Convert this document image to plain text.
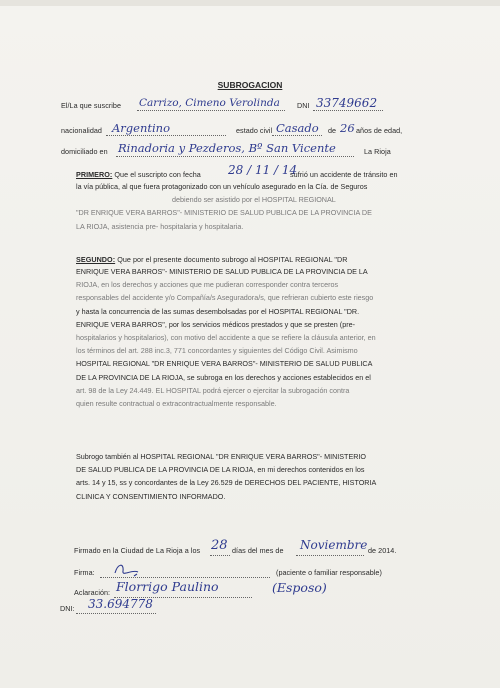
SUBROGACION
El/La que suscribe Carrizo, Cimeno Verolinda DNI 33749662
nacionalidad Argentino	estado civil Casado de 26 años de edad,
domiciliado en Rinadoria y Pezderos, Bº San Vicente	La Rioja
PRIMERO: Que el suscripto con fecha 28 / 11 / 14
sufrió un accidente de tránsito en
la vía pública, al que fuera protagonizado con un vehículo asegurado en la Cía. de Seguros
debiendo ser asistido por el HOSPITAL REGIONAL
"DR ENRIQUE VERA BARROS"- MINISTERIO DE SALUD PUBLICA DE LA PROVINCIA DE
LA RIOJA, asistencia pre- hospitalaria y hospitalaria.
SEGUNDO: Que por el presente documento subrogo al HOSPITAL REGIONAL "DR
ENRIQUE VERA BARROS"- MINISTERIO DE SALUD PUBLICA DE LA PROVINCIA DE LA
RIOJA, en los derechos y acciones que me pudieran corresponder contra terceros
responsables del accidente y/o Compañía/s Aseguradora/s, que refrieran cubierto este riesgo
y hasta la concurrencia de las sumas desembolsadas por el HOSPITAL REGIONAL "DR.
ENRIQUE VERA BARROS", por los servicios médicos prestados y que se presten (pre-
hospitalarios y hospitalarios), con motivo del accidente a que se refiere la cláusula anterior, en
los términos del art. 288 inc.3, 771 concordantes y siguientes del Código Civil. Asimismo
HOSPITAL REGIONAL "DR ENRIQUE VERA BARROS"- MINISTERIO DE SALUD PUBLICA
DE LA PROVINCIA DE LA RIOJA, se subroga en los derechos y acciones establecidos en el
art. 98 de la Ley 24.449. EL HOSPITAL podrá ejercer o ejercitar la subrogación contra
quien resulte contractual o extracontractualmente responsable.
Subrogo también al HOSPITAL REGIONAL "DR ENRIQUE VERA BARROS"- MINISTERIO
DE SALUD PUBLICA DE LA PROVINCIA DE LA RIOJA, en mi derechos contenidos en los
arts. 14 y 15, ss y concordantes de la Ley 26.529 de DERECHOS DEL PACIENTE, HISTORIA
CLINICA Y CONSENTIMIENTO INFORMADO.
Firmado en la Ciudad de La Rioja a los 28 días del mes de Noviembre de 2014.
Firma:	(paciente o familiar responsable)
Aclaración: Florrigo Paulino	(Esposo)
DNI: 33.694778
